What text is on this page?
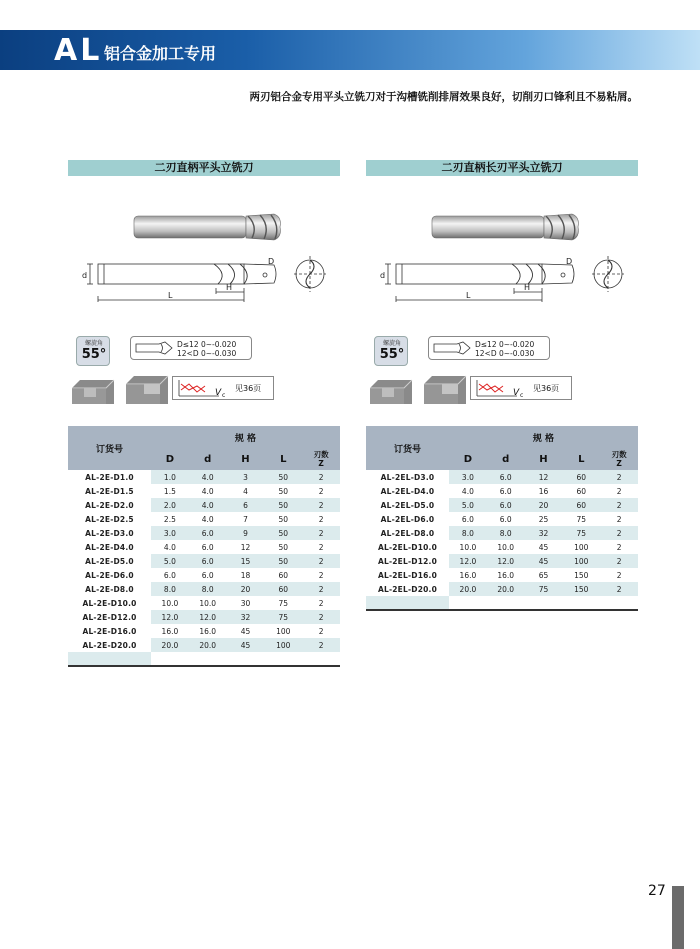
AL 铝合金加工专用
两刃铝合金专用平头立铣刀对于沟槽铣削排屑效果良好，切削刃口锋利且不易粘屑。
二刃直柄平头立铣刀
d
D
H
L
螺旋角
55°
D≤12 0~-0.020
12<D 0~-0.030
V c
见36页
订货号	规 格				
	D	d	H	L	刃数
Z
AL-2E-D1.0	1.0	4.0	3	50	2
AL-2E-D1.5	1.5	4.0	4	50	2
AL-2E-D2.0	2.0	4.0	6	50	2
AL-2E-D2.5	2.5	4.0	7	50	2
AL-2E-D3.0	3.0	6.0	9	50	2
AL-2E-D4.0	4.0	6.0	12	50	2
AL-2E-D5.0	5.0	6.0	15	50	2
AL-2E-D6.0	6.0	6.0	18	60	2
AL-2E-D8.0	8.0	8.0	20	60	2
AL-2E-D10.0	10.0	10.0	30	75	2
AL-2E-D12.0	12.0	12.0	32	75	2
AL-2E-D16.0	16.0	16.0	45	100	2
AL-2E-D20.0	20.0	20.0	45	100	2

二刃直柄长刃平头立铣刀
d
D
H
L
螺旋角
55°
D≤12 0~-0.020
12<D 0~-0.030
V c
见36页
订货号	规 格				
	D	d	H	L	刃数
Z
AL-2EL-D3.0	3.0	6.0	12	60	2
AL-2EL-D4.0	4.0	6.0	16	60	2
AL-2EL-D5.0	5.0	6.0	20	60	2
AL-2EL-D6.0	6.0	6.0	25	75	2
AL-2EL-D8.0	8.0	8.0	32	75	2
AL-2EL-D10.0	10.0	10.0	45	100	2
AL-2EL-D12.0	12.0	12.0	45	100	2
AL-2EL-D16.0	16.0	16.0	65	150	2
AL-2EL-D20.0	20.0	20.0	75	150	2

27
